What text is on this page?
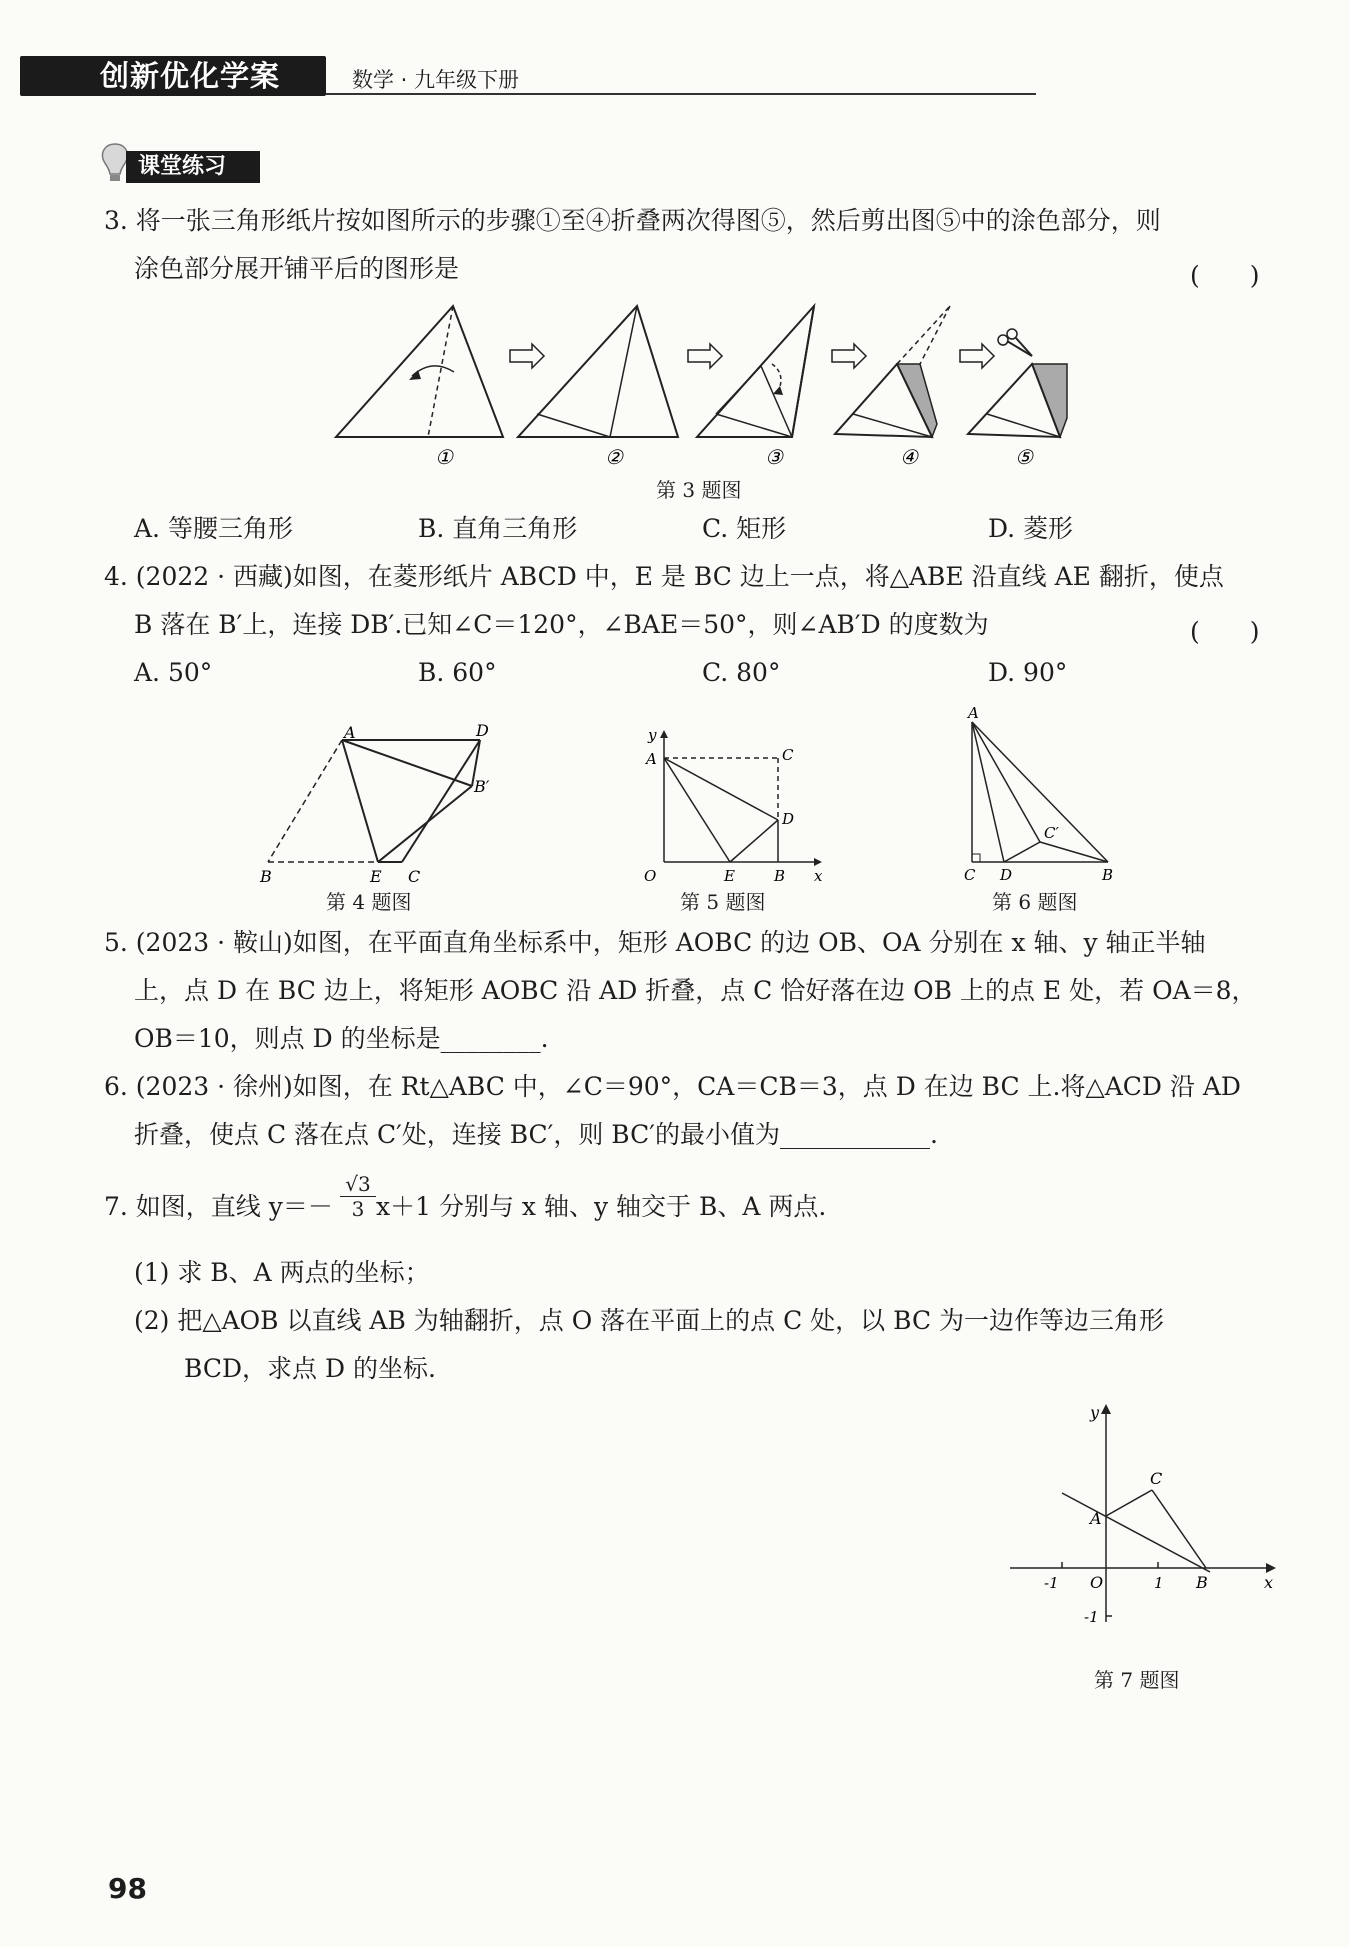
创新优化学案	数学 · 九年级下册
课堂练习
3. 将一张三角形纸片按如图所示的步骤①至④折叠两次得图⑤，然后剪出图⑤中的涂色部分，则
涂色部分展开铺平后的图形是	(　　)
①	②	③	④	⑤
第 3 题图
A. 等腰三角形	B. 直角三角形	C. 矩形	D. 菱形
4. (2022 · 西藏)如图，在菱形纸片 ABCD 中，E 是 BC 边上一点，将△ABE 沿直线 AE 翻折，使点
B 落在 B′上，连接 DB′.已知∠C＝120°，∠BAE＝50°，则∠AB′D 的度数为	(　　)
A. 50°	B. 60°	C. 80°	D. 90°
A	D
B′
B	E C
第 4 题图
y
A	C
D
O	E	B x
第 5 题图
A
C′
C D	B
第 6 题图
5. (2023 · 鞍山)如图，在平面直角坐标系中，矩形 AOBC 的边 OB、OA 分别在 x 轴、y 轴正半轴
上，点 D 在 BC 边上，将矩形 AOBC 沿 AD 折叠，点 C 恰好落在边 OB 上的点 E 处，若 OA＝8，
OB＝10，则点 D 的坐标是________.
6. (2023 · 徐州)如图，在 Rt△ABC 中，∠C＝90°，CA＝CB＝3，点 D 在边 BC 上.将△ACD 沿 AD
折叠，使点 C 落在点 C′处，连接 BC′，则 BC′的最小值为____________.
7. 如图，直线 $y=- \frac{√3}{3} x+1$ 分别与 x 轴、y 轴交于 B、A 两点.
(1) 求 B、A 两点的坐标；
(2) 把△AOB 以直线 AB 为轴翻折，点 O 落在平面上的点 C 处，以 BC 为一边作等边三角形
BCD，求点 D 的坐标.
y
C
A
-1 O	1 B	x
-1
第 7 题图
98
